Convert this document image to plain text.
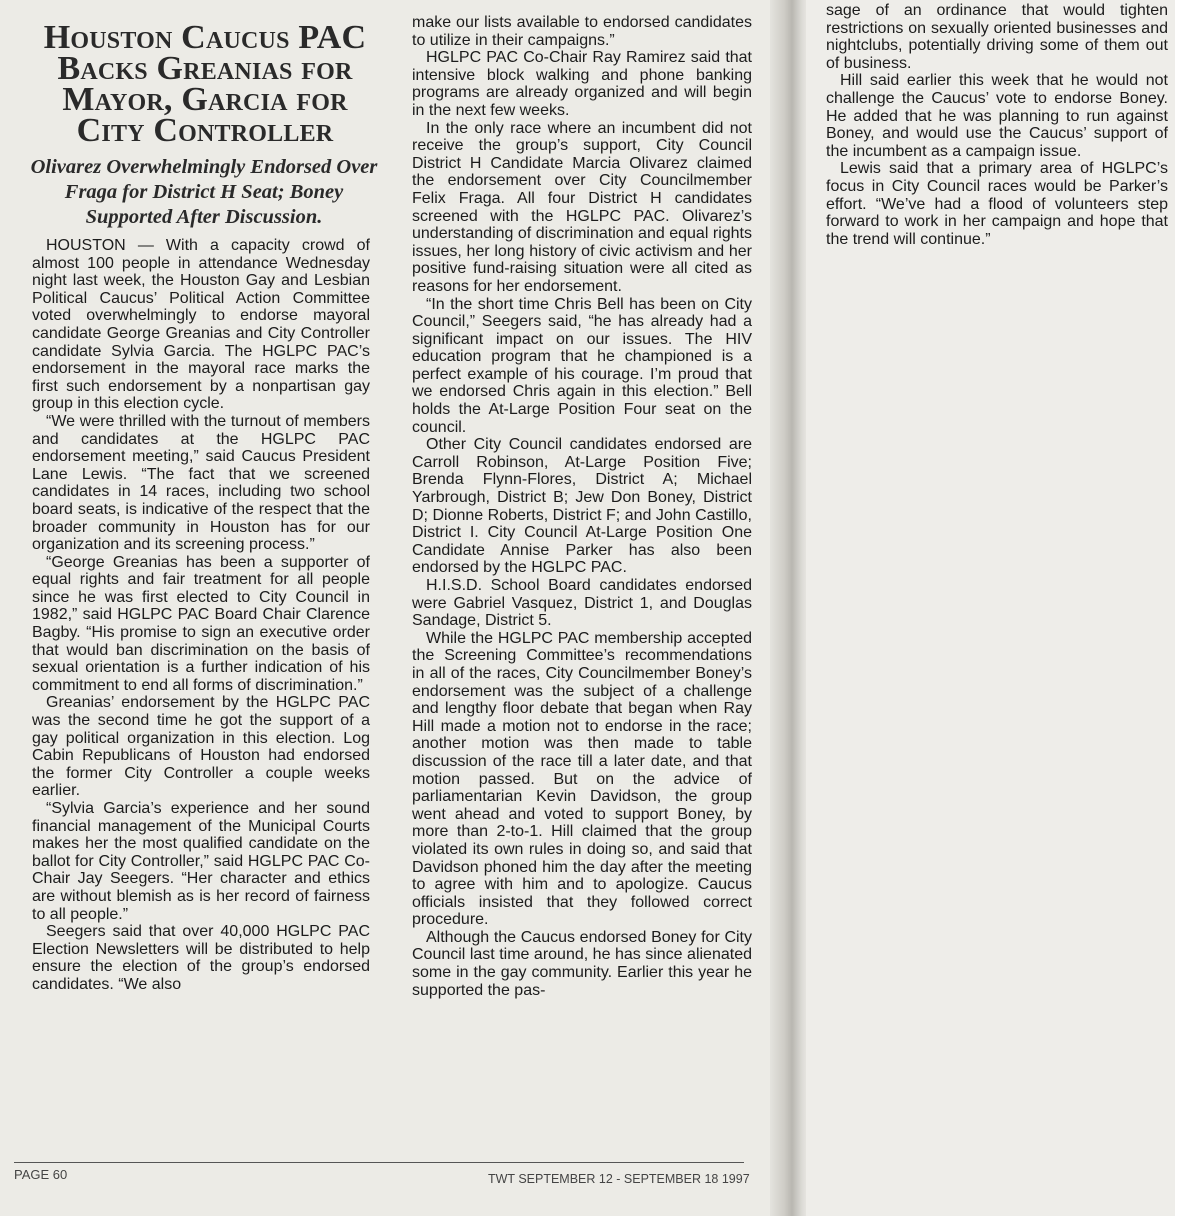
Houston Caucus PAC Backs Greanias for Mayor, Garcia for City Controller
Olivarez Overwhelmingly Endorsed Over Fraga for District H Seat; Boney Supported After Discussion.

HOUSTON — With a capacity crowd of almost 100 people in attendance Wednesday night last week, the Houston Gay and Lesbian Political Caucus’ Political Action Committee voted overwhelmingly to endorse mayoral candidate George Greanias and City Controller candidate Sylvia Garcia. The HGLPC PAC’s endorsement in the mayoral race marks the first such endorsement by a nonpartisan gay group in this election cycle.

“We were thrilled with the turnout of members and candidates at the HGLPC PAC endorsement meeting,” said Caucus President Lane Lewis. “The fact that we screened candidates in 14 races, including two school board seats, is indicative of the respect that the broader community in Houston has for our organization and its screening process.”

“George Greanias has been a supporter of equal rights and fair treatment for all people since he was first elected to City Council in 1982,” said HGLPC PAC Board Chair Clarence Bagby. “His promise to sign an executive order that would ban discrimination on the basis of sexual orientation is a further indication of his commitment to end all forms of discrimination.”

Greanias’ endorsement by the HGLPC PAC was the second time he got the support of a gay political organization in this election. Log Cabin Republicans of Houston had endorsed the former City Controller a couple weeks earlier.

“Sylvia Garcia’s experience and her sound financial management of the Municipal Courts makes her the most qualified candidate on the ballot for City Controller,” said HGLPC PAC Co-Chair Jay Seegers. “Her character and ethics are without blemish as is her record of fairness to all people.”

Seegers said that over 40,000 HGLPC PAC Election Newsletters will be distributed to help ensure the election of the group’s endorsed candidates. “We also

make our lists available to endorsed candidates to utilize in their campaigns.”

HGLPC PAC Co-Chair Ray Ramirez said that intensive block walking and phone banking programs are already organized and will begin in the next few weeks.

In the only race where an incumbent did not receive the group’s support, City Council District H Candidate Marcia Olivarez claimed the endorsement over City Councilmember Felix Fraga. All four District H candidates screened with the HGLPC PAC. Olivarez’s understanding of discrimination and equal rights issues, her long history of civic activism and her positive fund-raising situation were all cited as reasons for her endorsement.

“In the short time Chris Bell has been on City Council,” Seegers said, “he has already had a significant impact on our issues. The HIV education program that he championed is a perfect example of his courage. I’m proud that we endorsed Chris again in this election.” Bell holds the At-Large Position Four seat on the council.

Other City Council candidates endorsed are Carroll Robinson, At-Large Position Five; Brenda Flynn-Flores, District A; Michael Yarbrough, District B; Jew Don Boney, District D; Dionne Roberts, District F; and John Castillo, District I. City Council At-Large Position One Candidate Annise Parker has also been endorsed by the HGLPC PAC.

H.I.S.D. School Board candidates endorsed were Gabriel Vasquez, District 1, and Douglas Sandage, District 5.

While the HGLPC PAC membership accepted the Screening Committee’s recommendations in all of the races, City Councilmember Boney’s endorsement was the subject of a challenge and lengthy floor debate that began when Ray Hill made a motion not to endorse in the race; another motion was then made to table discussion of the race till a later date, and that motion passed. But on the advice of parliamentarian Kevin Davidson, the group went ahead and voted to support Boney, by more than 2-to-1. Hill claimed that the group violated its own rules in doing so, and said that Davidson phoned him the day after the meeting to agree with him and to apologize. Caucus officials insisted that they followed correct procedure.

Although the Caucus endorsed Boney for City Council last time around, he has since alienated some in the gay community. Earlier this year he supported the pas-

sage of an ordinance that would tighten restrictions on sexually oriented businesses and nightclubs, potentially driving some of them out of business.

Hill said earlier this week that he would not challenge the Caucus’ vote to endorse Boney. He added that he was planning to run against Boney, and would use the Caucus’ support of the incumbent as a campaign issue.

Lewis said that a primary area of HGLPC’s focus in City Council races would be Parker’s effort. “We’ve had a flood of volunteers step forward to work in her campaign and hope that the trend will continue.”

PAGE 60	TWT SEPTEMBER 12 - SEPTEMBER 18 1997
